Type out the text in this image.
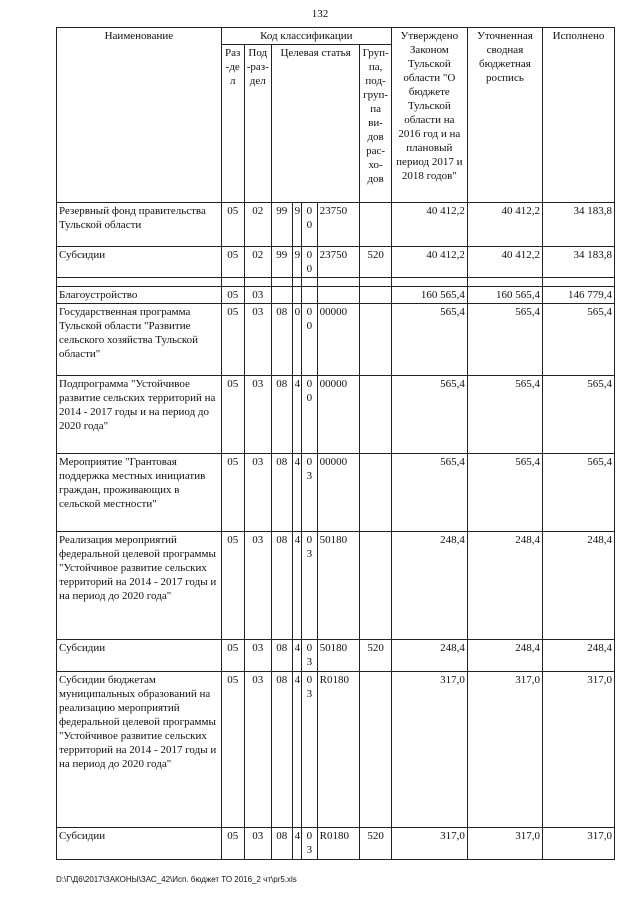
132
Наименование	Код классификации							Утверждено Законом Тульской области "О бюджете Тульской области на 2016 год и на плановый период 2017 и 2018 годов"	Уточненная сводная бюджетная роспись	Исполнено
	Раз-дел	Под-раз-дел	Целевая статья				Груп-па, под-груп-па ви-дов рас-хо-дов			
Резервный фонд правительства Тульской области	05	02	99	9	00	23750		40 412,2	40 412,2	34 183,8
Субсидии	05	02	99	9	00	23750	520	40 412,2	40 412,2	34 183,8

Благоустройство	05	03						160 565,4	160 565,4	146 779,4
Государственная программа Тульской области "Развитие сельского хозяйства Тульской области"	05	03	08	0	00	00000		565,4	565,4	565,4
Подпрограмма "Устойчивое развитие сельских территорий на 2014 - 2017 годы и на период до 2020 года"	05	03	08	4	00	00000		565,4	565,4	565,4
Мероприятие "Грантовая поддержка местных инициатив граждан, проживающих в сельской местности"	05	03	08	4	03	00000		565,4	565,4	565,4
Реализация мероприятий федеральной целевой программы "Устойчивое развитие сельских территорий на 2014 - 2017 годы и на период до 2020 года"	05	03	08	4	03	50180		248,4	248,4	248,4
Субсидии	05	03	08	4	03	50180	520	248,4	248,4	248,4
Субсидии бюджетам муниципальных образований на реализацию мероприятий федеральной целевой программы "Устойчивое развитие сельских территорий на 2014 - 2017 годы и на период до 2020 года"	05	03	08	4	03	R0180		317,0	317,0	317,0
Субсидии	05	03	08	4	03	R0180	520	317,0	317,0	317,0
D:\Г\Д6\2017\ЗАКОНЫ\ЗАС_42\Исп. бюджет ТО 2016_2 чт\pr5.xls
